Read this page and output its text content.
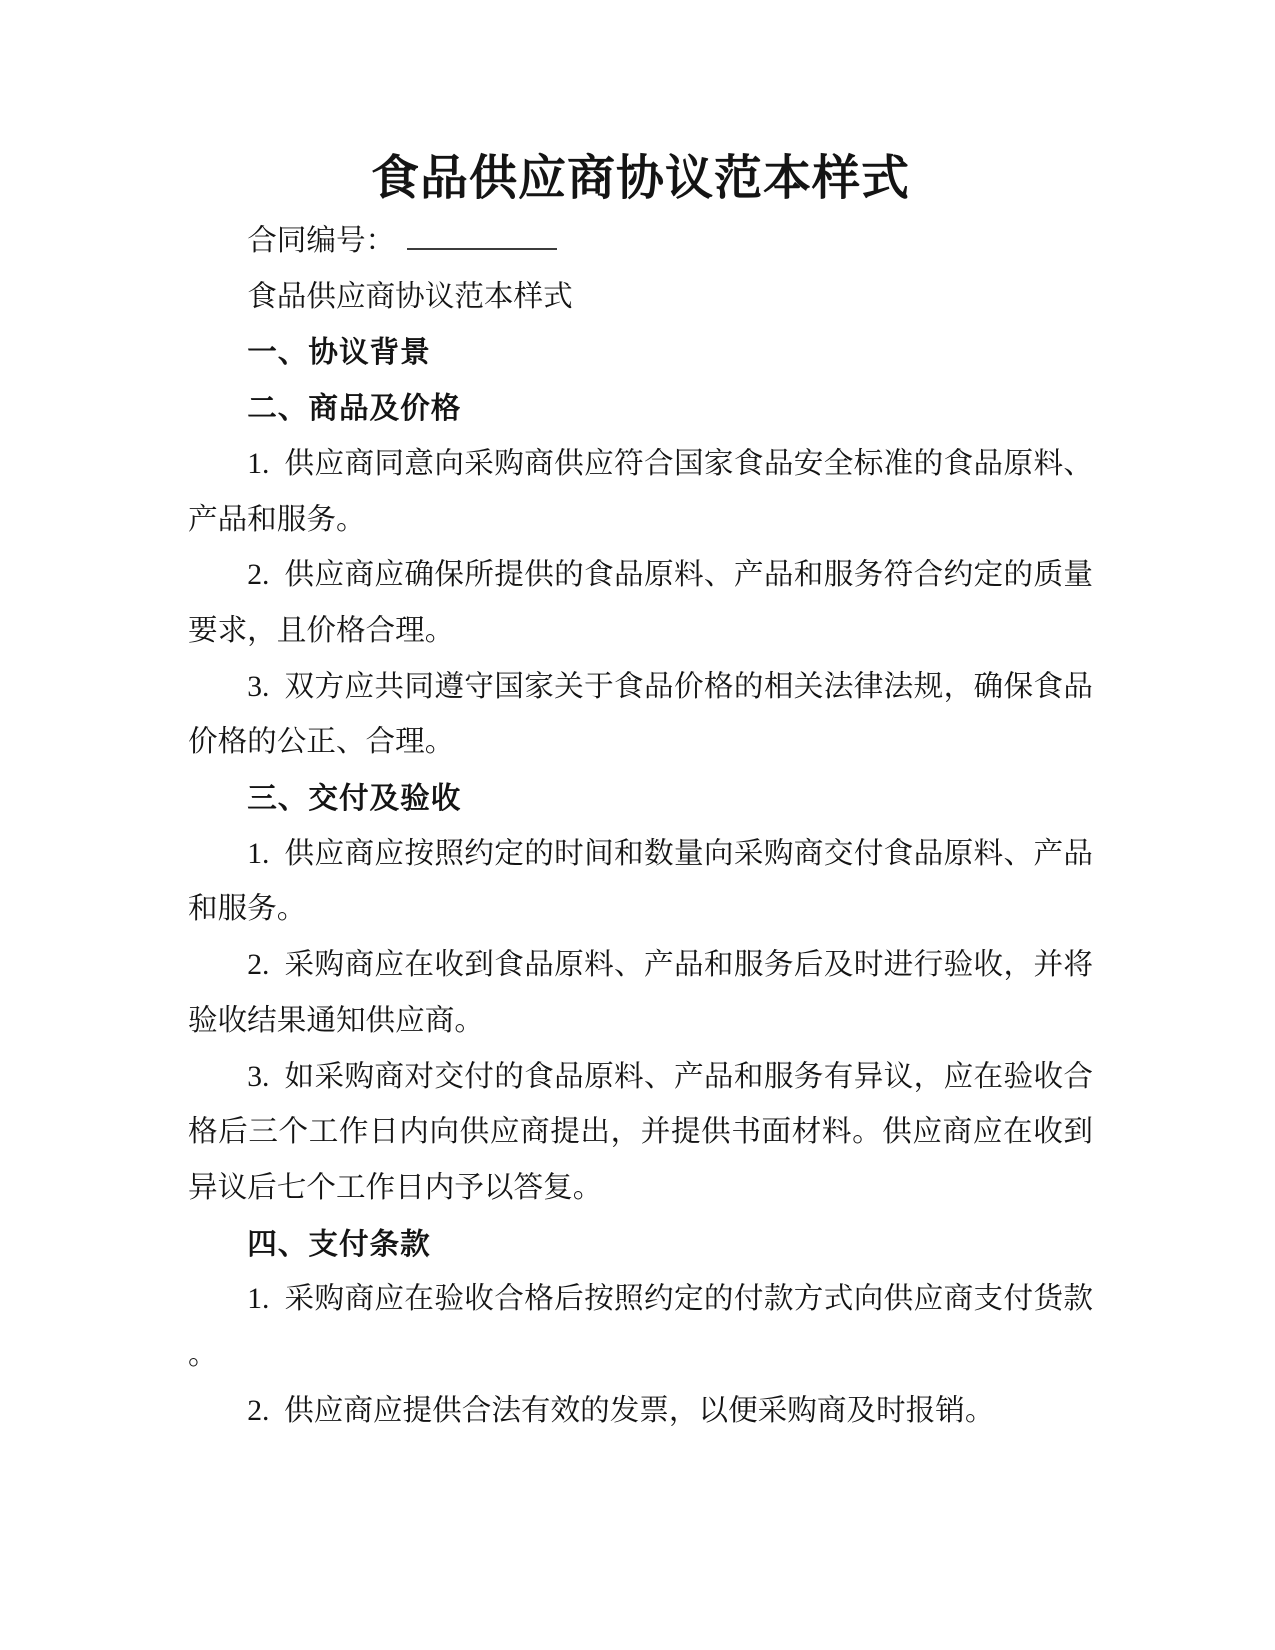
食品供应商协议范本样式

合同编号：

食品供应商协议范本样式

一、协议背景

二、商品及价格

1. 供应商同意向采购商供应符合国家食品安全标准的食品原料、产品和服务。

2. 供应商应确保所提供的食品原料、产品和服务符合约定的质量要求，且价格合理。

3. 双方应共同遵守国家关于食品价格的相关法律法规，确保食品价格的公正、合理。

三、交付及验收

1. 供应商应按照约定的时间和数量向采购商交付食品原料、产品和服务。

2. 采购商应在收到食品原料、产品和服务后及时进行验收，并将验收结果通知供应商。

3. 如采购商对交付的食品原料、产品和服务有异议，应在验收合格后三个工作日内向供应商提出，并提供书面材料。供应商应在收到异议后七个工作日内予以答复。

四、支付条款

1. 采购商应在验收合格后按照约定的付款方式向供应商支付货款。

2. 供应商应提供合法有效的发票，以便采购商及时报销。
